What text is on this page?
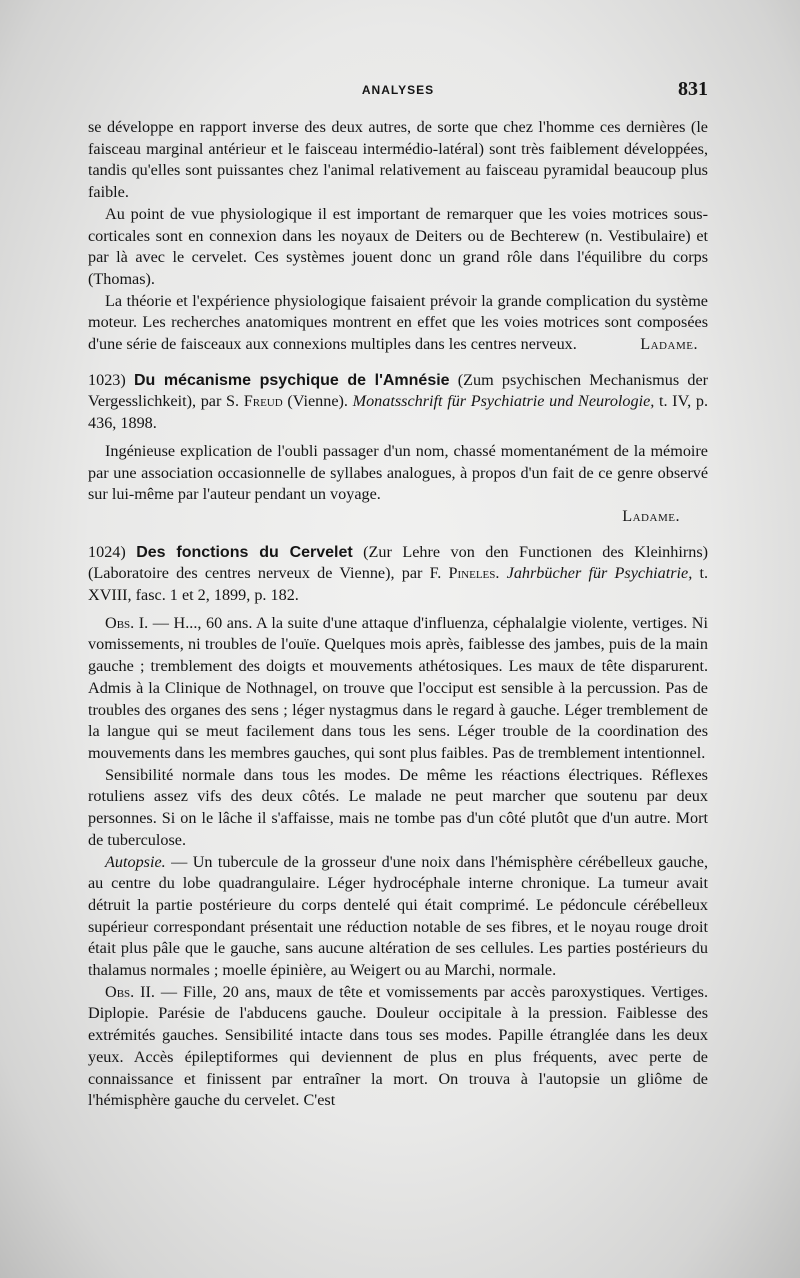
ANALYSES	831

se développe en rapport inverse des deux autres, de sorte que chez l'homme ces dernières (le faisceau marginal antérieur et le faisceau intermédio-latéral) sont très faiblement développées, tandis qu'elles sont puissantes chez l'animal relativement au faisceau pyramidal beaucoup plus faible.

Au point de vue physiologique il est important de remarquer que les voies motrices sous-corticales sont en connexion dans les noyaux de Deiters ou de Bechterew (n. Vestibulaire) et par là avec le cervelet. Ces systèmes jouent donc un grand rôle dans l'équilibre du corps (Thomas).

La théorie et l'expérience physiologique faisaient prévoir la grande complication du système moteur. Les recherches anatomiques montrent en effet que les voies motrices sont composées d'une série de faisceaux aux connexions multiples dans les centres nerveux.	Ladame.

1023) Du mécanisme psychique de l'Amnésie (Zum psychischen Mechanismus der Vergesslichkeit), par S. Freud (Vienne). Monatsschrift für Psychiatrie und Neurologie, t. IV, p. 436, 1898.

Ingénieuse explication de l'oubli passager d'un nom, chassé momentanément de la mémoire par une association occasionnelle de syllabes analogues, à propos d'un fait de ce genre observé sur lui-même par l'auteur pendant un voyage.

Ladame.

1024) Des fonctions du Cervelet (Zur Lehre von den Functionen des Kleinhirns) (Laboratoire des centres nerveux de Vienne), par F. Pineles. Jahrbücher für Psychiatrie, t. XVIII, fasc. 1 et 2, 1899, p. 182.

Obs. I. — H..., 60 ans. A la suite d'une attaque d'influenza, céphalalgie violente, vertiges. Ni vomissements, ni troubles de l'ouïe. Quelques mois après, faiblesse des jambes, puis de la main gauche ; tremblement des doigts et mouvements athétosiques. Les maux de tête disparurent. Admis à la Clinique de Nothnagel, on trouve que l'occiput est sensible à la percussion. Pas de troubles des organes des sens ; léger nystagmus dans le regard à gauche. Léger tremblement de la langue qui se meut facilement dans tous les sens. Léger trouble de la coordination des mouvements dans les membres gauches, qui sont plus faibles. Pas de tremblement intentionnel.

Sensibilité normale dans tous les modes. De même les réactions électriques. Réflexes rotuliens assez vifs des deux côtés. Le malade ne peut marcher que soutenu par deux personnes. Si on le lâche il s'affaisse, mais ne tombe pas d'un côté plutôt que d'un autre. Mort de tuberculose.

Autopsie. — Un tubercule de la grosseur d'une noix dans l'hémisphère cérébelleux gauche, au centre du lobe quadrangulaire. Léger hydrocéphale interne chronique. La tumeur avait détruit la partie postérieure du corps dentelé qui était comprimé. Le pédoncule cérébelleux supérieur correspondant présentait une réduction notable de ses fibres, et le noyau rouge droit était plus pâle que le gauche, sans aucune altération de ses cellules. Les parties postérieurs du thalamus normales ; moelle épinière, au Weigert ou au Marchi, normale.

Obs. II. — Fille, 20 ans, maux de tête et vomissements par accès paroxystiques. Vertiges. Diplopie. Parésie de l'abducens gauche. Douleur occipitale à la pression. Faiblesse des extrémités gauches. Sensibilité intacte dans tous ses modes. Papille étranglée dans les deux yeux. Accès épileptiformes qui deviennent de plus en plus fréquents, avec perte de connaissance et finissent par entraîner la mort. On trouva à l'autopsie un gliôme de l'hémisphère gauche du cervelet. C'est
